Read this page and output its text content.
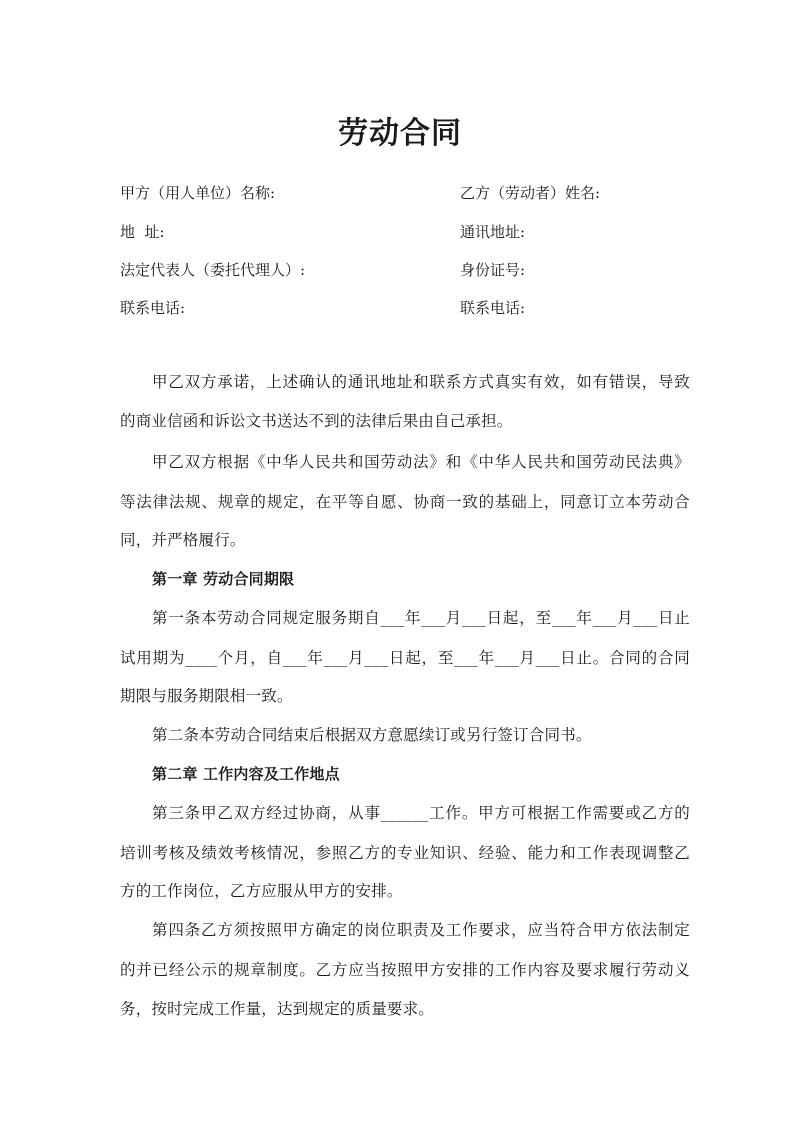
劳动合同
甲方（用人单位）名称:	乙方（劳动者）姓名:
地  址:	通讯地址:
法定代表人（委托代理人）:	身份证号:
联系电话:	联系电话:
甲乙双方承诺，上述确认的通讯地址和联系方式真实有效，如有错误，导致
的商业信函和诉讼文书送达不到的法律后果由自己承担。
甲乙双方根据《中华人民共和国劳动法》和《中华人民共和国劳动民法典》
等法律法规、规章的规定，在平等自愿、协商一致的基础上，同意订立本劳动合
同，并严格履行。
第一章 劳动合同期限
第一条本劳动合同规定服务期自___年___月___日起，至___年___月___日止
试用期为____个月，自___年___月___日起，至___年___月___日止。合同的合同
期限与服务期限相一致。
第二条本劳动合同结束后根据双方意愿续订或另行签订合同书。
第二章 工作内容及工作地点
第三条甲乙双方经过协商，从事______工作。甲方可根据工作需要或乙方的
培训考核及绩效考核情况，参照乙方的专业知识、经验、能力和工作表现调整乙
方的工作岗位，乙方应服从甲方的安排。
第四条乙方须按照甲方确定的岗位职责及工作要求，应当符合甲方依法制定
的并已经公示的规章制度。乙方应当按照甲方安排的工作内容及要求履行劳动义
务，按时完成工作量，达到规定的质量要求。
